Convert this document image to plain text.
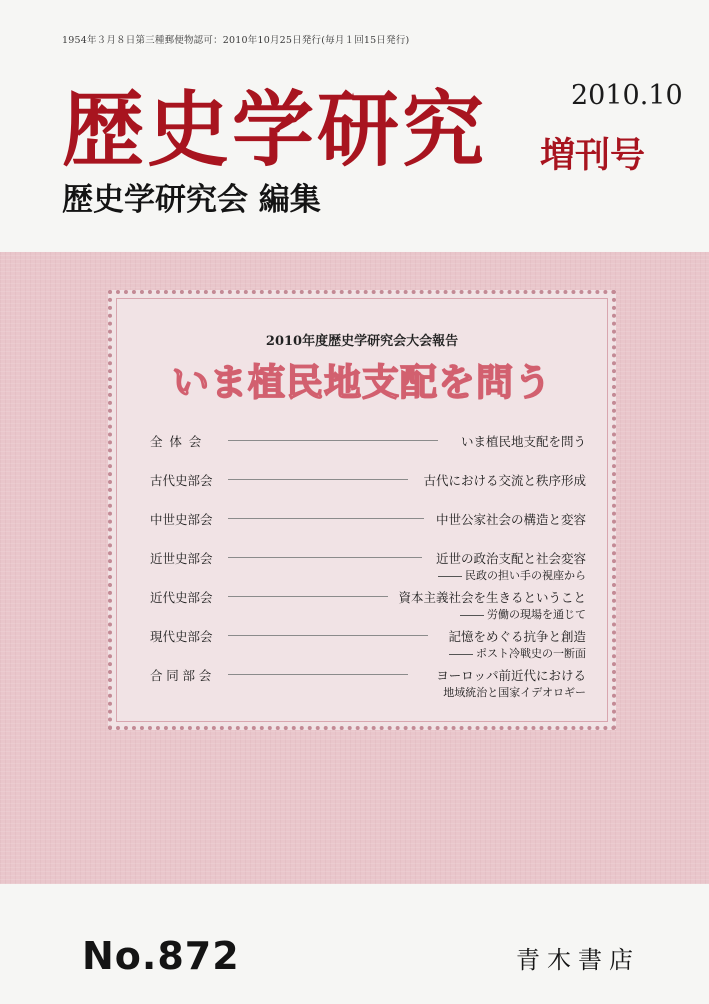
1954年３月８日第三種郵便物認可：2010年10月25日発行(毎月１回15日発行)
歴史学研究	2010.10
増刊号
歴史学研究会 編集
2010年度歴史学研究会大会報告
いま植民地支配を問う
全体会	いま植民地支配を問う
古代史部会	古代における交流と秩序形成
中世史部会	中世公家社会の構造と変容
近世史部会	近世の政治支配と社会変容
民政の担い手の視座から
近代史部会	資本主義社会を生きるということ
労働の現場を通じて
現代史部会	記憶をめぐる抗争と創造
ポスト冷戦史の一断面
合同部会	ヨーロッパ前近代における
地域統治と国家イデオロギー
No.872	青木書店
